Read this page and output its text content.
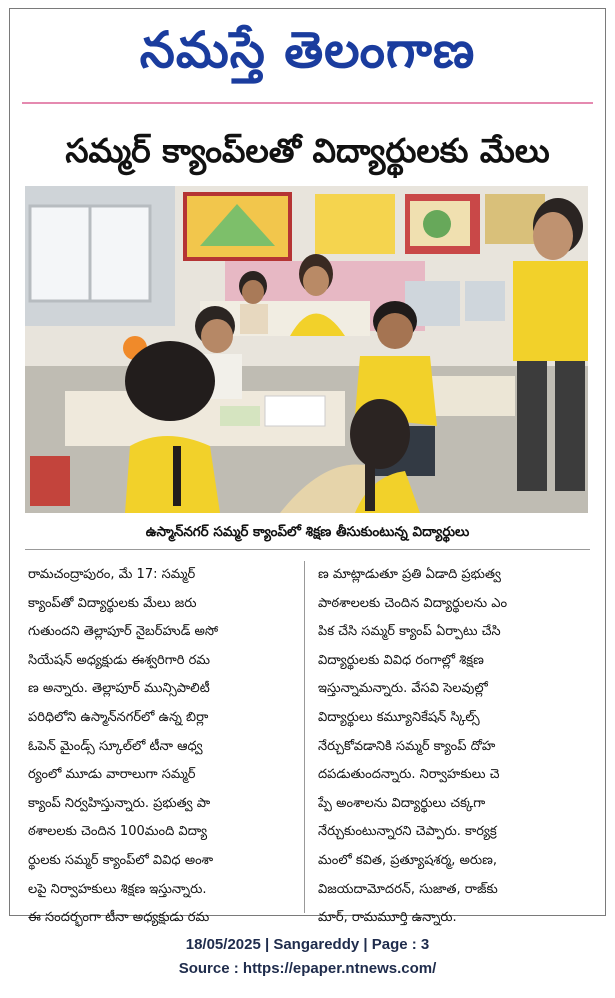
నమస్తే తెలంగాణ
సమ్మర్ క్యాంప్‌లతో విద్యార్థులకు మేలు
ఉస్మాన్‌నగర్ సమ్మర్ క్యాంప్‌లో శిక్షణ తీసుకుంటున్న విద్యార్థులు
రామచంద్రాపురం, మే 17: సమ్మర్
క్యాంప్‌తో విద్యార్థులకు మేలు జరు
గుతుందని తెల్లాపూర్ నైబర్‌హుడ్ అసో
సియేషన్ అధ్యక్షుడు ఈశ్వరిగారి రమ
ణ అన్నారు. తెల్లాపూర్ మున్సిపాలిటీ
పరిధిలోని ఉస్మాన్‌నగర్‌లో ఉన్న బిర్లా
ఓపెన్ మైండ్స్ స్కూల్‌లో టీనా ఆధ్వ
ర్యంలో మూడు వారాలుగా సమ్మర్
క్యాంప్ నిర్వహిస్తున్నారు. ప్రభుత్వ పా
ఠశాలలకు చెందిన 100మంది విద్యా
ర్థులకు సమ్మర్ క్యాంప్‌లో వివిధ అంశా
లపై నిర్వాహకులు శిక్షణ ఇస్తున్నారు.
ఈ సందర్భంగా టీనా అధ్యక్షుడు రమ
ణ మాట్లాడుతూ ప్రతి ఏడాది ప్రభుత్వ
పాఠశాలలకు చెందిన విద్యార్థులను ఎం
పిక చేసి సమ్మర్ క్యాంప్ ఏర్పాటు చేసి
విద్యార్థులకు వివిధ రంగాల్లో శిక్షణ
ఇస్తున్నామన్నారు. వేసవి సెలవుల్లో
విద్యార్థులు కమ్యూనికేషన్ స్కిల్స్
నేర్చుకోవడానికి సమ్మర్ క్యాంప్ దోహ
దపడుతుందన్నారు. నిర్వాహకులు చె
ప్పే అంశాలను విద్యార్థులు చక్కగా
నేర్చుకుంటున్నారని చెప్పారు. కార్యక్ర
మంలో కవిత, ప్రత్యూషశర్మ, అరుణ,
విజయదామోదరన్, సుజాత, రాజ్‌కు
మార్, రామమూర్తి ఉన్నారు.
18/05/2025 | Sangareddy | Page : 3
Source : https://epaper.ntnews.com/
